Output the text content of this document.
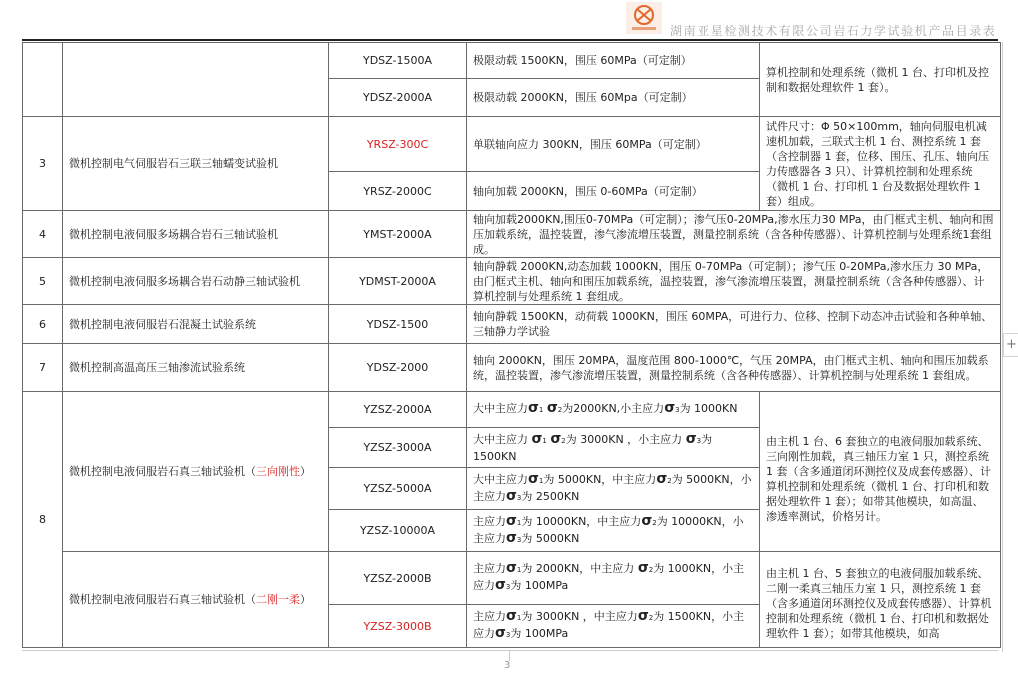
湖南亚星检测技术有限公司岩石力学试验机产品目录表
		YDSZ-1500A	极限动载 1500KN，围压 60MPa（可定制）	算机控制和处理系统（微机 1 台、打印机及控制和数据处理软件 1 套）。
		YDSZ-2000A	极限动载 2000KN，围压 60Mpa（可定制）	
3	微机控制电气伺服岩石三联三轴蠕变试验机	YRSZ-300C	单联轴向应力 300KN，围压 60MPa（可定制）	试件尺寸：Φ 50×100mm，轴向伺服电机减速机加载，三联式主机 1 台、测控系统 1 套（含控制器 1 套，位移、围压、孔压、轴向压力传感器各 3 只）、计算机控制和处理系统（微机 1 台、打印机 1 台及数据处理软件 1 套）组成。
		YRSZ-2000C	轴向加载 2000KN，围压 0-60MPa（可定制）	
4	微机控制电液伺服多场耦合岩石三轴试验机	YMST-2000A	轴向加载2000KN,围压0-70MPa（可定制）；渗气压0-20MPa,渗水压力30 MPa，由门框式主机、轴向和围压加载系统，温控装置，渗气渗流增压装置，测量控制系统（含各种传感器）、计算机控制与处理系统1套组成。	
5	微机控制电液伺服多场耦合岩石动静三轴试验机	YDMST-2000A	轴向静载 2000KN,动态加载 1000KN，围压 0-70MPa（可定制）；渗气压 0-20MPa,渗水压力 30 MPa，由门框式主机、轴向和围压加载系统，温控装置，渗气渗流增压装置，测量控制系统（含各种传感器）、计算机控制与处理系统 1 套组成。	
6	微机控制电液伺服岩石混凝土试验系统	YDSZ-1500	轴向静载 1500KN，动荷载 1000KN，围压 60MPA，可进行力、位移、控制下动态冲击试验和各种单轴、三轴静力学试验	
7	微机控制高温高压三轴渗流试验系统	YDSZ-2000	轴向 2000KN，围压 20MPA，温度范围 800-1000℃，气压 20MPA，由门框式主机、轴向和围压加载系统，温控装置，渗气渗流增压装置，测量控制系统（含各种传感器）、计算机控制与处理系统 1 套组成。	
8	微机控制电液伺服岩石真三轴试验机（三向刚性）	YZSZ-2000A	大中主应力σ1 σ2为2000KN,小主应力σ3为 1000KN	由主机 1 台、6 套独立的电液伺服加载系统、三向刚性加载，真三轴压力室 1 只，测控系统 1 套（含多通道闭环测控仪及成套传感器）、计算机控制和处理系统（微机 1 台、打印机和数据处理软件 1 套）；如带其他模块，如高温、渗透率测试，价格另计。
		YZSZ-3000A	大中主应力 σ1 σ2为 3000KN ，小主应力 σ3为 1500KN	
		YZSZ-5000A	大中主应力σ1为 5000KN，中主应力σ2为 5000KN，小主应力σ3为 2500KN	
		YZSZ-10000A	主应力σ1为 10000KN，中主应力σ2为 10000KN，小主应力σ3为 5000KN	
	微机控制电液伺服岩石真三轴试验机（二刚一柔）	YZSZ-2000B	主应力σ1为 2000KN，中主应力 σ2为 1000KN，小主应力σ3为 100MPa	由主机 1 台、5 套独立的电液伺服加载系统、二刚一柔真三轴压力室 1 只，测控系统 1 套（含多通道闭环测控仪及成套传感器）、计算机控制和处理系统（微机 1 台、打印机和数据处理软件 1 套）；如带其他模块，如高
		YZSZ-3000B	主应力σ1为 3000KN ，中主应力σ2为 1500KN，小主应力σ3为 100MPa	
+
3
